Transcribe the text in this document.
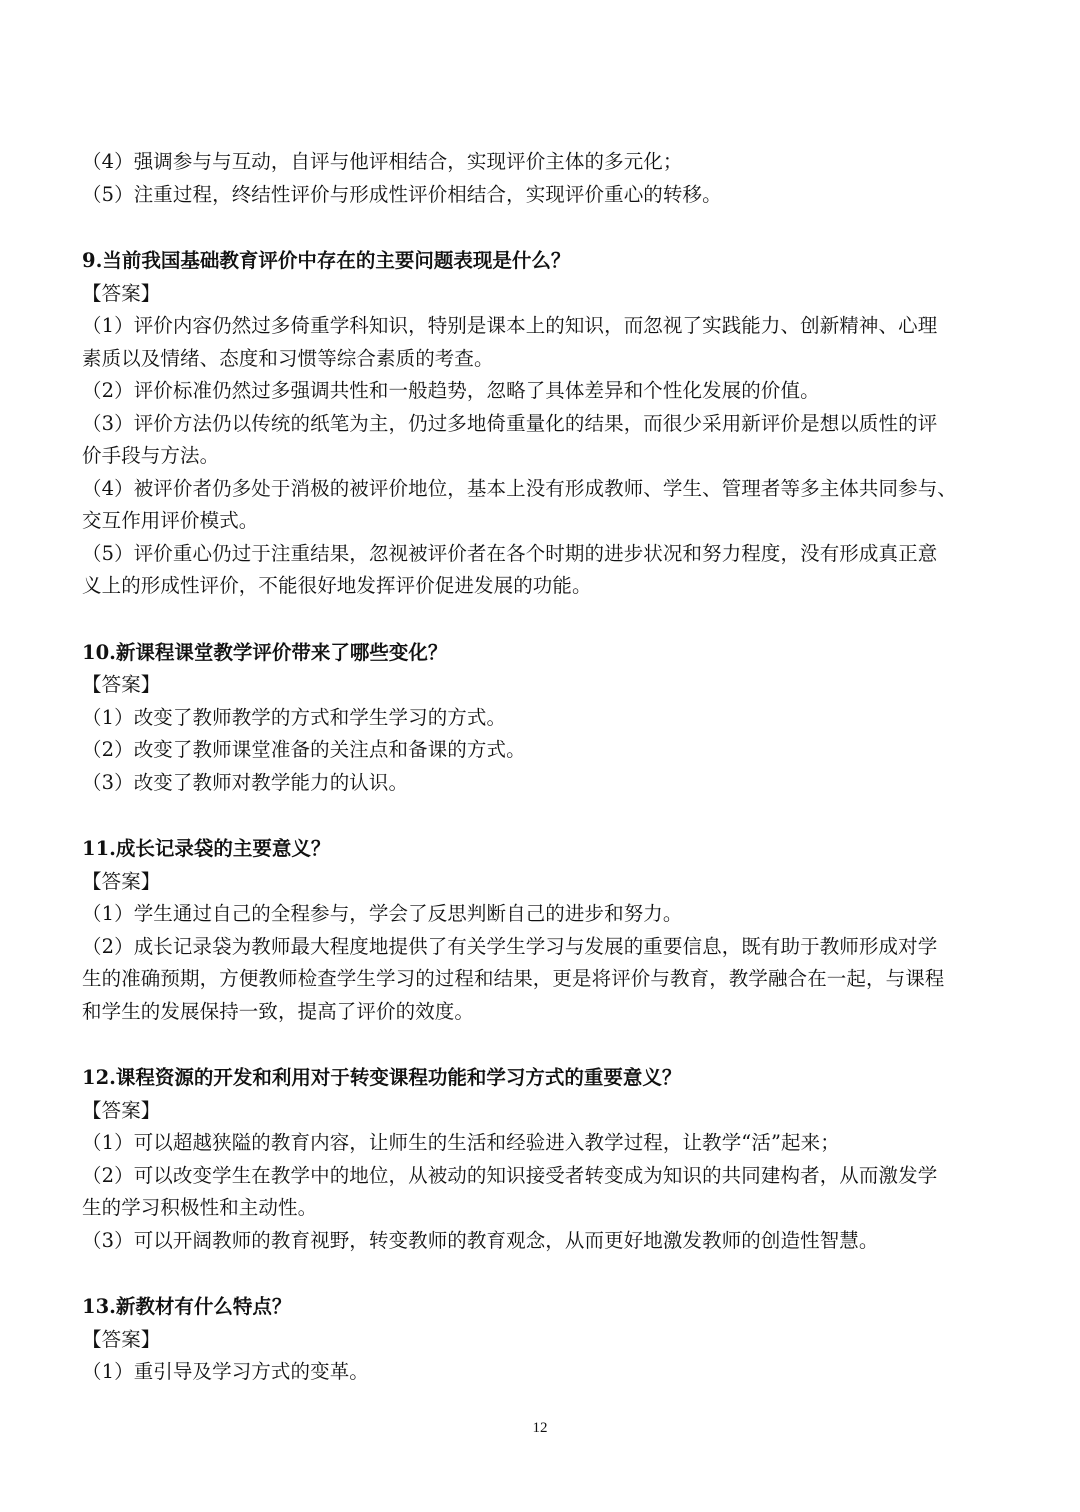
（4）强调参与与互动，自评与他评相结合，实现评价主体的多元化；
（5）注重过程，终结性评价与形成性评价相结合，实现评价重心的转移。
9.当前我国基础教育评价中存在的主要问题表现是什么？
【答案】
（1）评价内容仍然过多倚重学科知识，特别是课本上的知识，而忽视了实践能力、创新精神、心理
素质以及情绪、态度和习惯等综合素质的考查。
（2）评价标准仍然过多强调共性和一般趋势，忽略了具体差异和个性化发展的价值。
（3）评价方法仍以传统的纸笔为主，仍过多地倚重量化的结果，而很少采用新评价是想以质性的评
价手段与方法。
（4）被评价者仍多处于消极的被评价地位，基本上没有形成教师、学生、管理者等多主体共同参与、
交互作用评价模式。
（5）评价重心仍过于注重结果，忽视被评价者在各个时期的进步状况和努力程度，没有形成真正意
义上的形成性评价，不能很好地发挥评价促进发展的功能。
10.新课程课堂教学评价带来了哪些变化？
【答案】
（1）改变了教师教学的方式和学生学习的方式。
（2）改变了教师课堂准备的关注点和备课的方式。
（3）改变了教师对教学能力的认识。
11.成长记录袋的主要意义？
【答案】
（1）学生通过自己的全程参与，学会了反思判断自己的进步和努力。
（2）成长记录袋为教师最大程度地提供了有关学生学习与发展的重要信息，既有助于教师形成对学
生的准确预期，方便教师检查学生学习的过程和结果，更是将评价与教育，教学融合在一起，与课程
和学生的发展保持一致，提高了评价的效度。
12.课程资源的开发和利用对于转变课程功能和学习方式的重要意义？
【答案】
（1）可以超越狭隘的教育内容，让师生的生活和经验进入教学过程，让教学“活”起来；
（2）可以改变学生在教学中的地位，从被动的知识接受者转变成为知识的共同建构者，从而激发学
生的学习积极性和主动性。
（3）可以开阔教师的教育视野，转变教师的教育观念，从而更好地激发教师的创造性智慧。
13.新教材有什么特点？
【答案】
（1）重引导及学习方式的变革。
12
